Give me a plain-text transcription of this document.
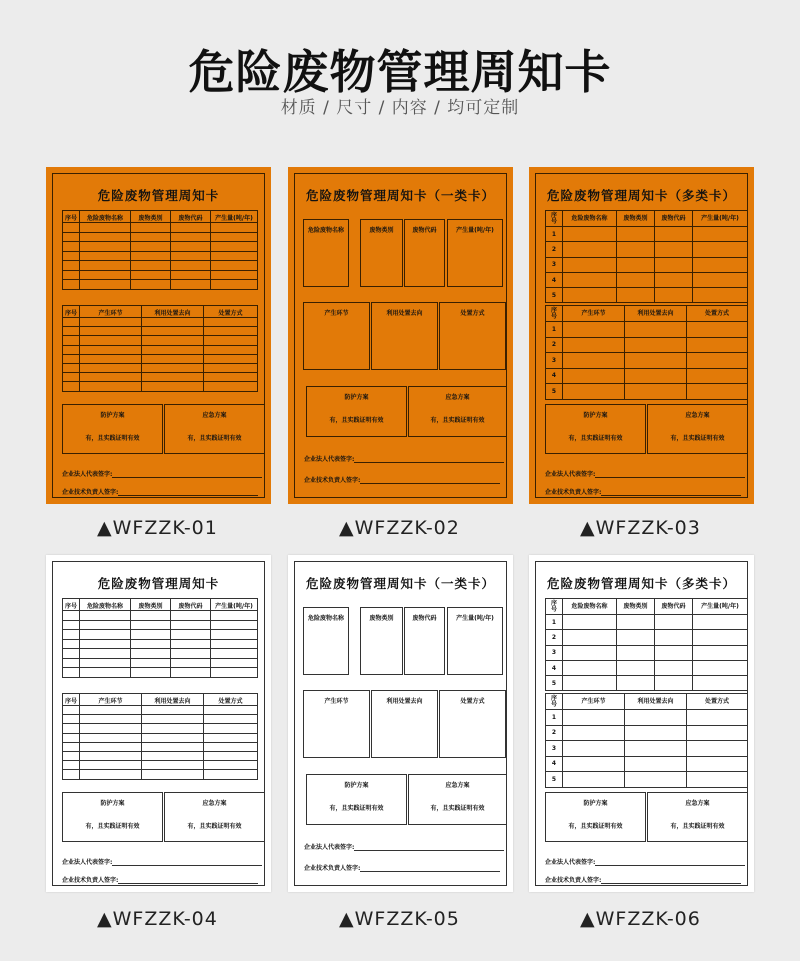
危险废物管理周知卡
材质 / 尺寸 / 内容 / 均可定制
危险废物管理周知卡
序号	危险废物名称	废物类别	废物代码	产生量(吨/年)

序号	产生环节	利用处置去向	处置方式

防护方案
有，且实践证明有效
应急方案
有，且实践证明有效
企业法人代表签字:
企业技术负责人签字:
▲WFZZK-01
危险废物管理周知卡（一类卡）
危险废物名称	废物类别	废物代码	产生量(吨/年)
产生环节	利用处置去向	处置方式
防护方案
有，且实践证明有效
应急方案
有，且实践证明有效
企业法人代表签字:
企业技术负责人签字:
▲WFZZK-02
危险废物管理周知卡（多类卡）
序
号	危险废物名称	废物类别	废物代码	产生量(吨/年)
1				
2				
3				
4				
5				
序
号	产生环节	利用处置去向	处置方式
1			
2			
3			
4			
5			
防护方案
有，且实践证明有效
应急方案
有，且实践证明有效
企业法人代表签字:
企业技术负责人签字:
▲WFZZK-03
危险废物管理周知卡
序号	危险废物名称	废物类别	废物代码	产生量(吨/年)

序号	产生环节	利用处置去向	处置方式

防护方案
有，且实践证明有效
应急方案
有，且实践证明有效
企业法人代表签字:
企业技术负责人签字:
▲WFZZK-04
危险废物管理周知卡（一类卡）
危险废物名称	废物类别	废物代码	产生量(吨/年)
产生环节	利用处置去向	处置方式
防护方案
有，且实践证明有效
应急方案
有，且实践证明有效
企业法人代表签字:
企业技术负责人签字:
▲WFZZK-05
危险废物管理周知卡（多类卡）
序
号	危险废物名称	废物类别	废物代码	产生量(吨/年)
1				
2				
3				
4				
5				
序
号	产生环节	利用处置去向	处置方式
1			
2			
3			
4			
5			
防护方案
有，且实践证明有效
应急方案
有，且实践证明有效
企业法人代表签字:
企业技术负责人签字:
▲WFZZK-06
